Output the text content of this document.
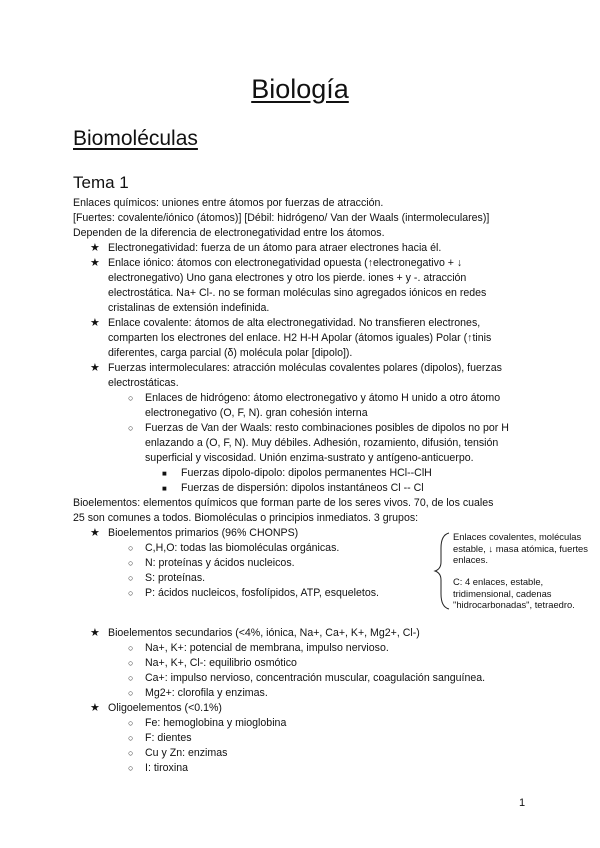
Biología
Biomoléculas
Tema 1
Enlaces químicos: uniones entre átomos por fuerzas de atracción.
[Fuertes: covalente/iónico (átomos)] [Débil: hidrógeno/ Van der Waals (intermoleculares)]
Dependen de la diferencia de electronegatividad entre los átomos.
★ Electronegatividad: fuerza de un átomo para atraer electrones hacia él.
★ Enlace iónico: átomos con electronegatividad opuesta (↑electronegativo + ↓
electronegativo) Uno gana electrones y otro los pierde. iones + y -. atracción
electrostática. Na+ Cl-. no se forman moléculas sino agregados iónicos en redes
cristalinas de extensión indefinida.
★ Enlace covalente: átomos de alta electronegatividad. No transfieren electrones,
comparten los electrones del enlace. H2 H-H Apolar (átomos iguales) Polar (↑tinis
diferentes, carga parcial (δ) molécula polar [dipolo]).
★ Fuerzas intermoleculares: atracción moléculas covalentes polares (dipolos), fuerzas
electrostáticas.
○ Enlaces de hidrógeno: átomo electronegativo y átomo H unido a otro átomo
electronegativo (O, F, N). gran cohesión interna
○ Fuerzas de Van der Waals: resto combinaciones posibles de dipolos no por H
enlazando a (O, F, N). Muy débiles. Adhesión, rozamiento, difusión, tensión
superficial y viscosidad. Unión enzima-sustrato y antígeno-anticuerpo.
■ Fuerzas dipolo-dipolo: dipolos permanentes HCl--ClH
■ Fuerzas de dispersión: dipolos instantáneos Cl -- Cl
Bioelementos: elementos químicos que forman parte de los seres vivos. 70, de los cuales
25 son comunes a todos. Biomoléculas o principios inmediatos. 3 grupos:
★ Bioelementos primarios (96% CHONPS)
○ C,H,O: todas las biomoléculas orgánicas.
○ N: proteínas y ácidos nucleicos.
○ S: proteínas.
○ P: ácidos nucleicos, fosfolípidos, ATP, esqueletos.
Enlaces covalentes, moléculas
estable, ↓ masa atómica, fuertes
enlaces.
C: 4 enlaces, estable,
tridimensional, cadenas
"hidrocarbonadas", tetraedro.
★ Bioelementos secundarios (<4%, iónica, Na+, Ca+, K+, Mg2+, Cl-)
○ Na+, K+: potencial de membrana, impulso nervioso.
○ Na+, K+, Cl-: equilibrio osmótico
○ Ca+: impulso nervioso, concentración muscular, coagulación sanguínea.
○ Mg2+: clorofila y enzimas.
★ Oligoelementos (<0.1%)
○ Fe: hemoglobina y mioglobina
○ F: dientes
○ Cu y Zn: enzimas
○ I: tiroxina
1
